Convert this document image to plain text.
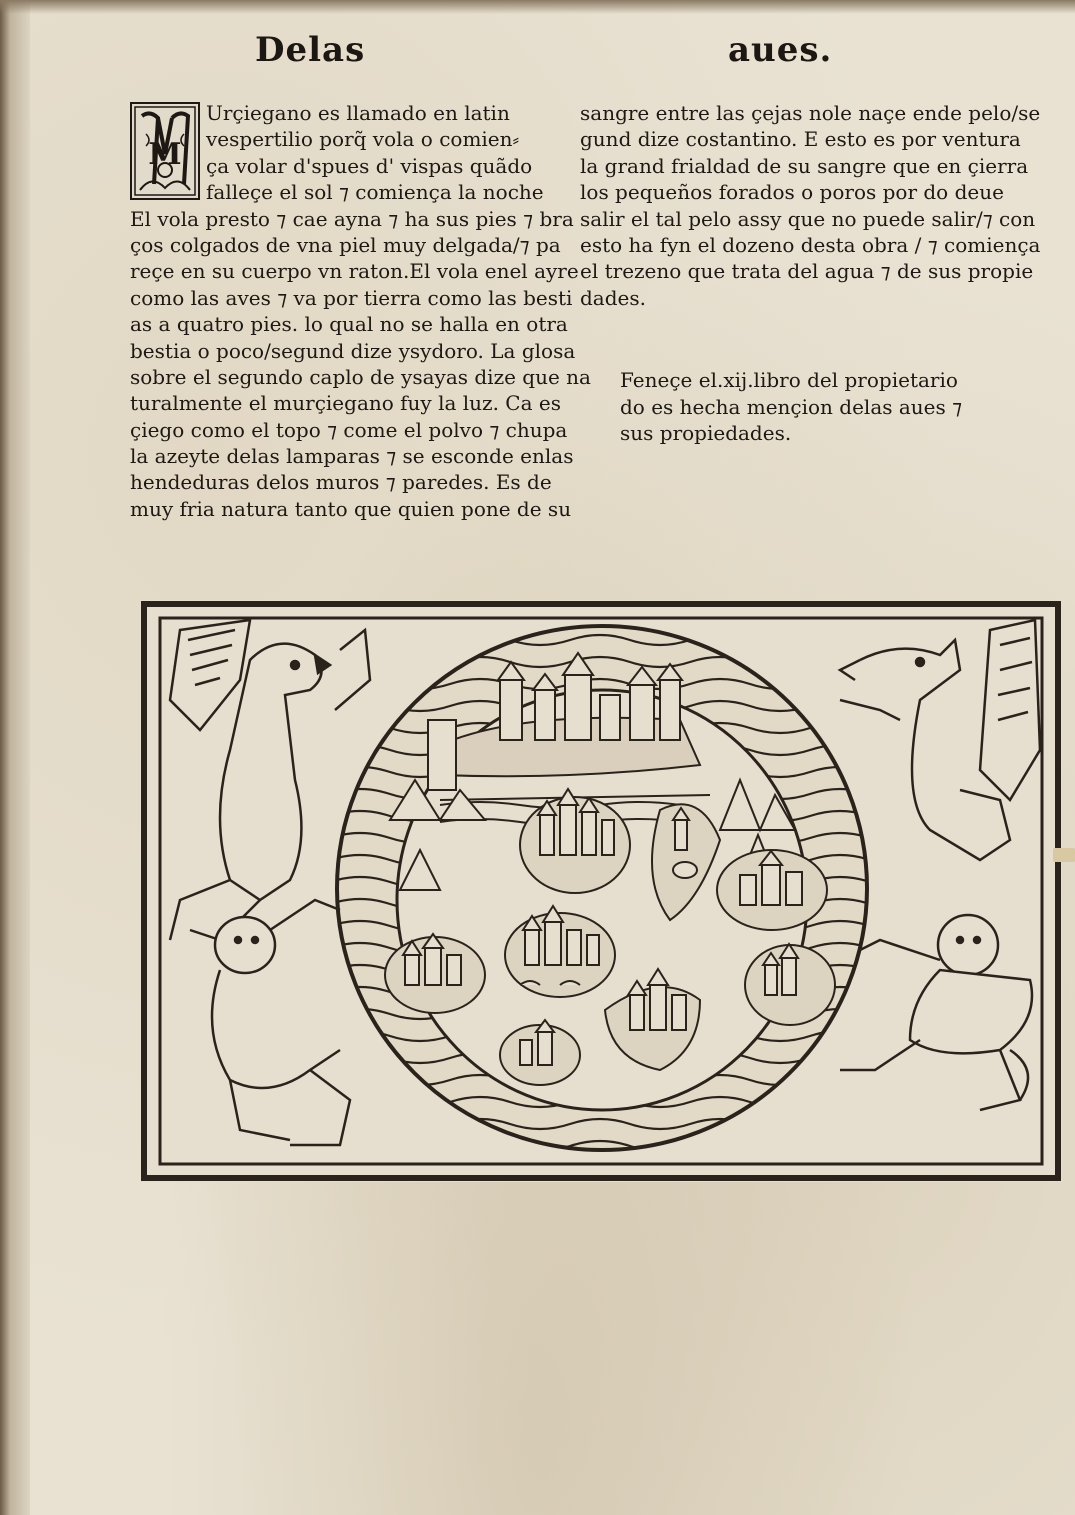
Delas	aues.
M
Urçiegano es llamado en latin
vespertilio porq̃ vola o comien⸗
ça volar d'spues d' vispas quãdo
falleçe el sol ⁊ comiença la noche
El vola presto ⁊ cae ayna ⁊ ha sus pies ⁊ bra
ços colgados de vna piel muy delgada/⁊ pa
reçe en su cuerpo vn raton.El vola enel ayre
como las aves ⁊ va por tierra como las besti
as a quatro pies. lo qual no se halla en otra
bestia o poco/segund dize ysydoro. La glosa
sobre el segundo caplo de ysayas dize que na
turalmente el murçiegano fuy la luz. Ca es
çiego como el topo ⁊ come el polvo ⁊ chupa
la azeyte delas lamparas ⁊ se esconde enlas
hendeduras delos muros ⁊ paredes. Es de
muy fria natura tanto que quien pone de su
sangre entre las çejas nole naçe ende pelo/se
gund dize costantino. E esto es por ventura
la grand frialdad de su sangre que en çierra
los pequeños forados o poros por do deue
salir el tal pelo assy que no puede salir/⁊ con
esto ha fyn el dozeno desta obra / ⁊ comiença
el trezeno que trata del agua ⁊ de sus propie
dades.
Feneçe el.xij.libro del propietario
do es hecha mençion delas aues ⁊
sus propiedades.
